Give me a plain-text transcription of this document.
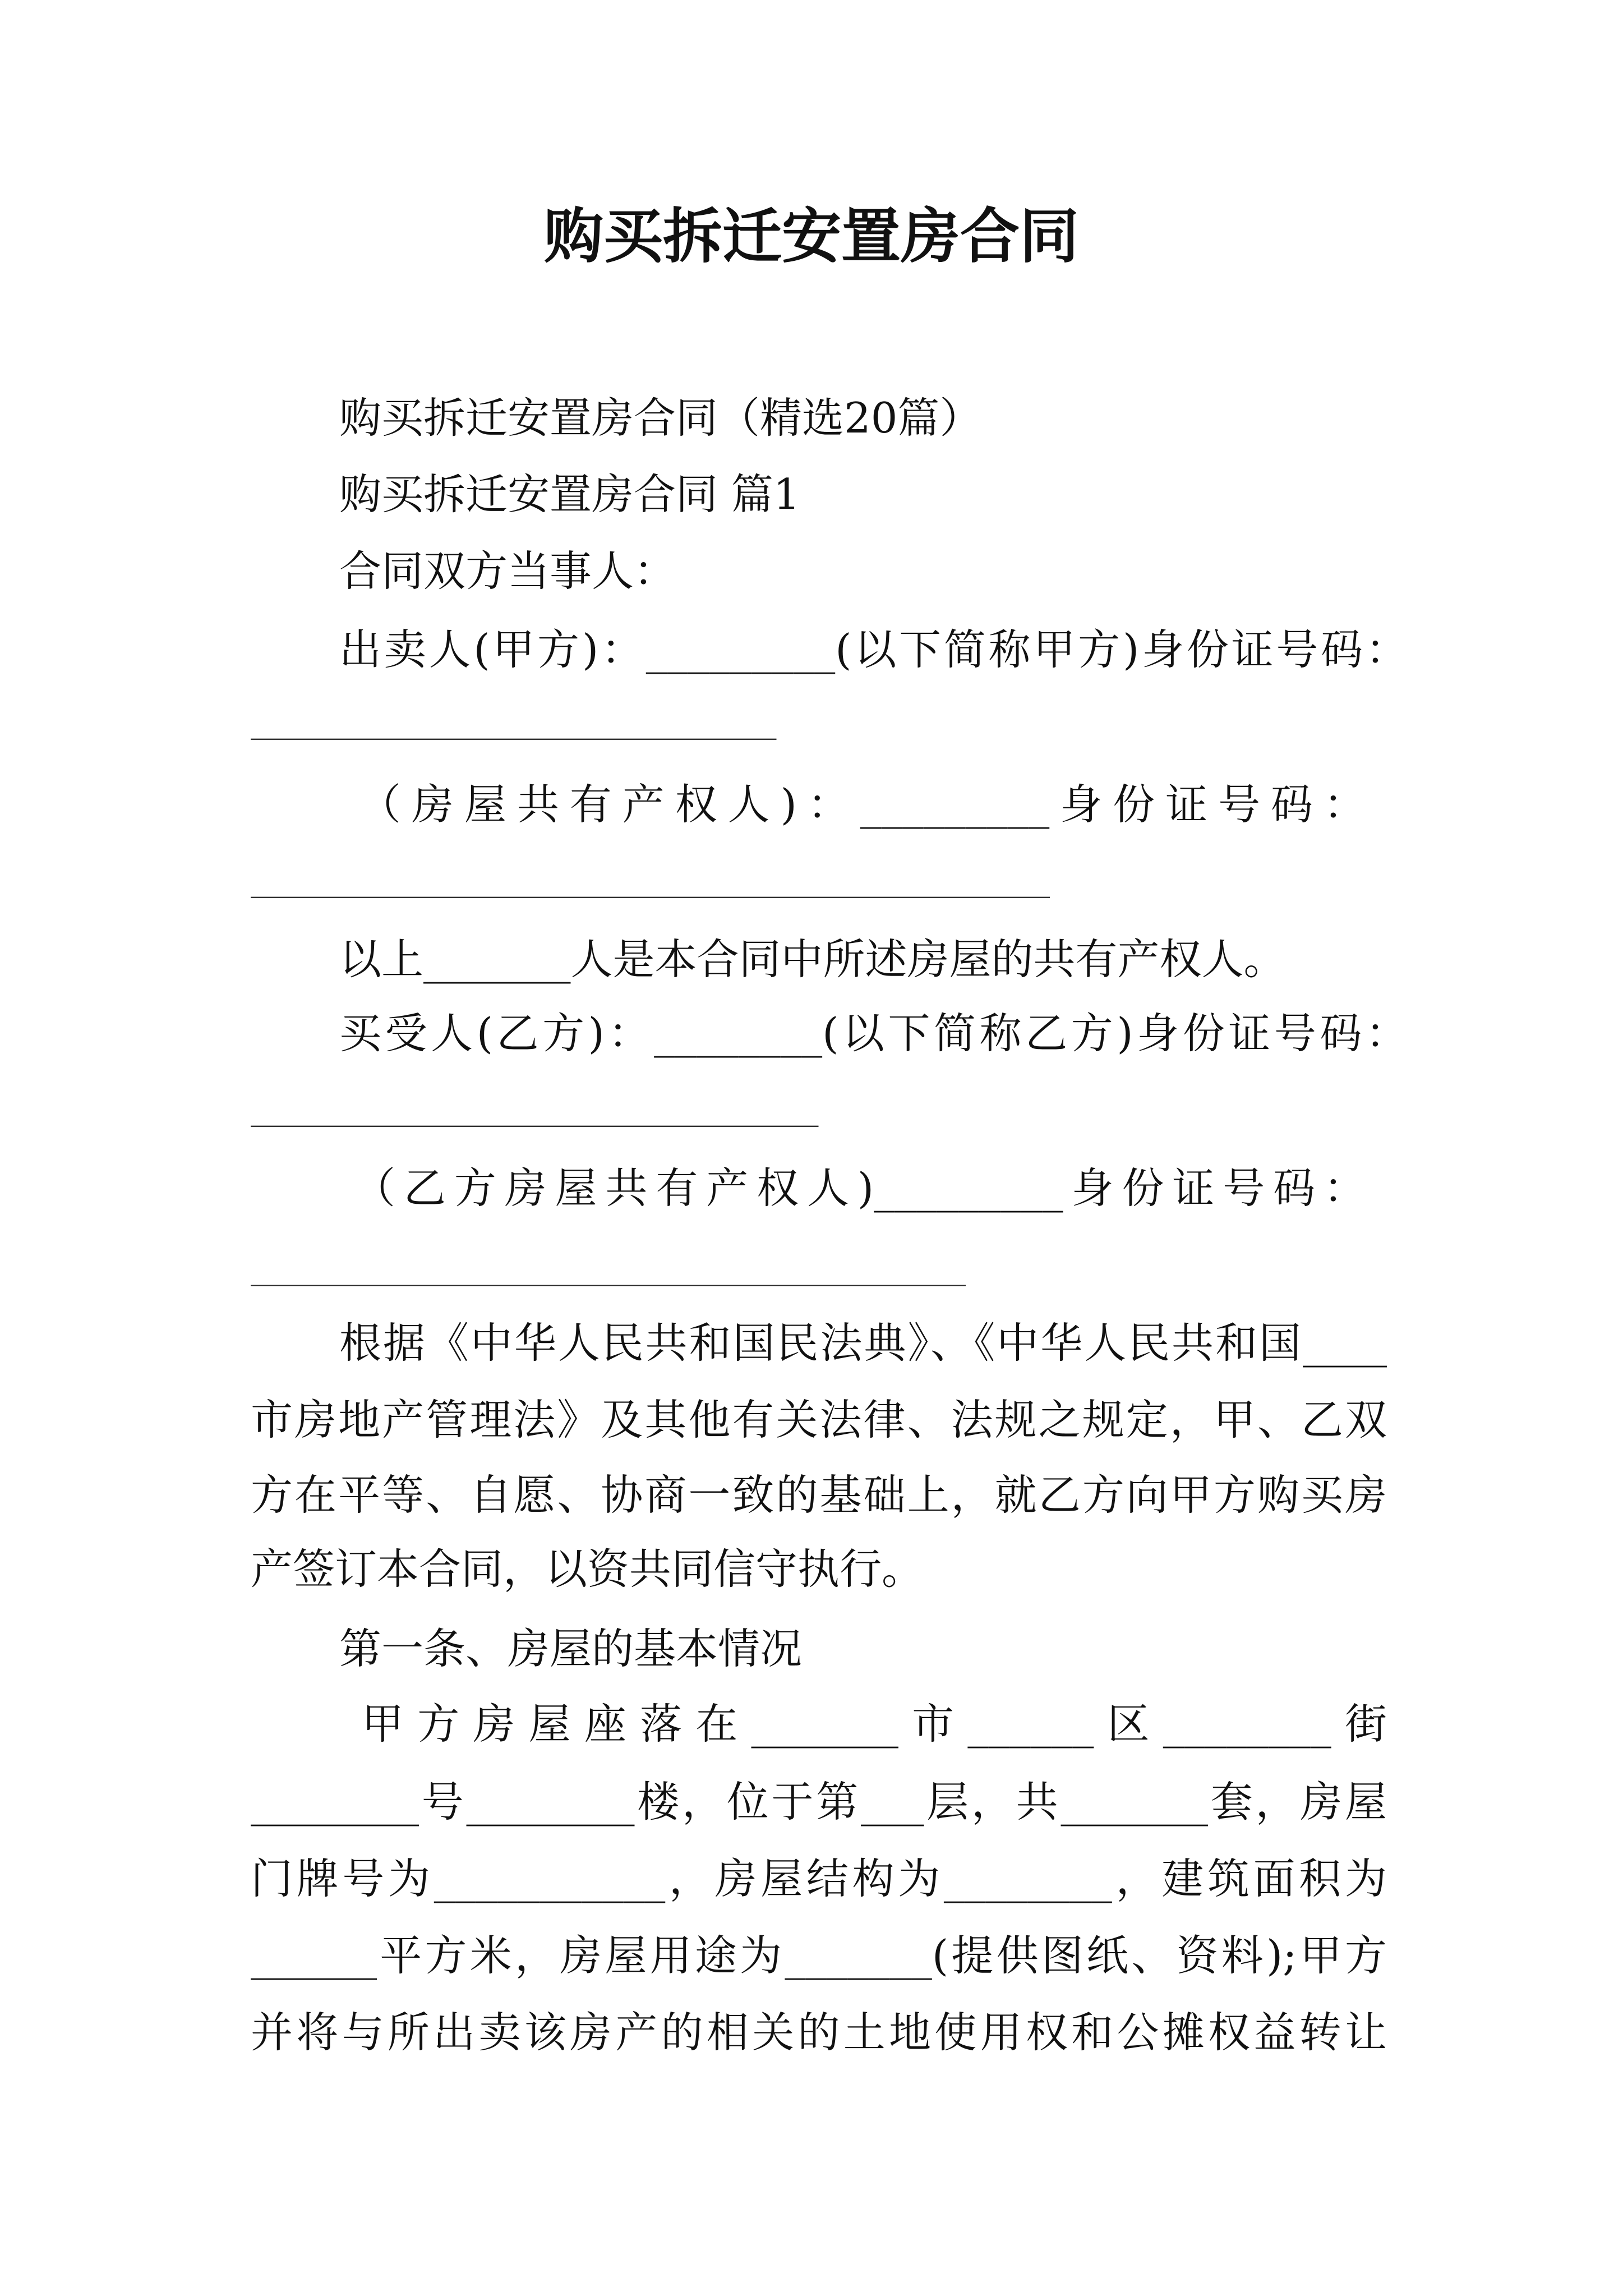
购买拆迁安置房合同
购买拆迁安置房合同（精选20篇）
购买拆迁安置房合同 篇1
合同双方当事人：
出卖人(甲方)：_________(以下简称甲方)身份证号码：
_________________________
（房屋共有产权人)：_________身份证号码：
______________________________________
以上_______人是本合同中所述房屋的共有产权人。
买受人(乙方)：________(以下简称乙方)身份证号码：
___________________________
（乙方房屋共有产权人)_________身份证号码：
__________________________________
根据《中华人民共和国民法典》、《中华人民共和国____
市房地产管理法》及其他有关法律、法规之规定，甲、乙双
方在平等、自愿、协商一致的基础上，就乙方向甲方购买房
产签订本合同，以资共同信守执行。
第一条、房屋的基本情况
甲方房屋座落在_______市______区________街
________号________楼，位于第___层，共_______套，房屋
门牌号为___________，房屋结构为________，建筑面积为
______平方米，房屋用途为_______(提供图纸、资料);甲方
并将与所出卖该房产的相关的土地使用权和公摊权益转让
